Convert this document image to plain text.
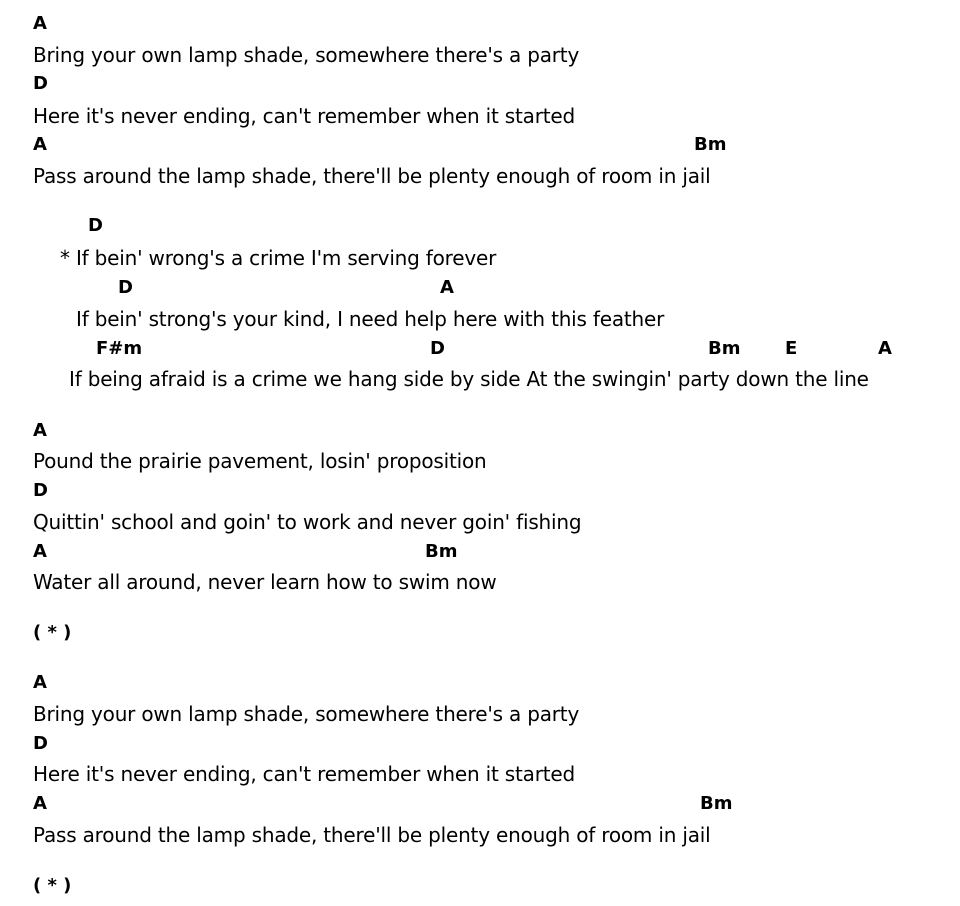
A
Bring your own lamp shade, somewhere there's a party
D
Here it's never ending, can't remember when it started
A	Bm
Pass around the lamp shade, there'll be plenty enough of room in jail
D
* If bein' wrong's a crime I'm serving forever
D	A
If bein' strong's your kind, I need help here with this feather
F#m	D	Bm E	A
If being afraid is a crime we hang side by side At the swingin' party down the line
A
Pound the prairie pavement, losin' proposition
D
Quittin' school and goin' to work and never goin' fishing
A	Bm
Water all around, never learn how to swim now
( * )
A
Bring your own lamp shade, somewhere there's a party
D
Here it's never ending, can't remember when it started
A	Bm
Pass around the lamp shade, there'll be plenty enough of room in jail
( * )
